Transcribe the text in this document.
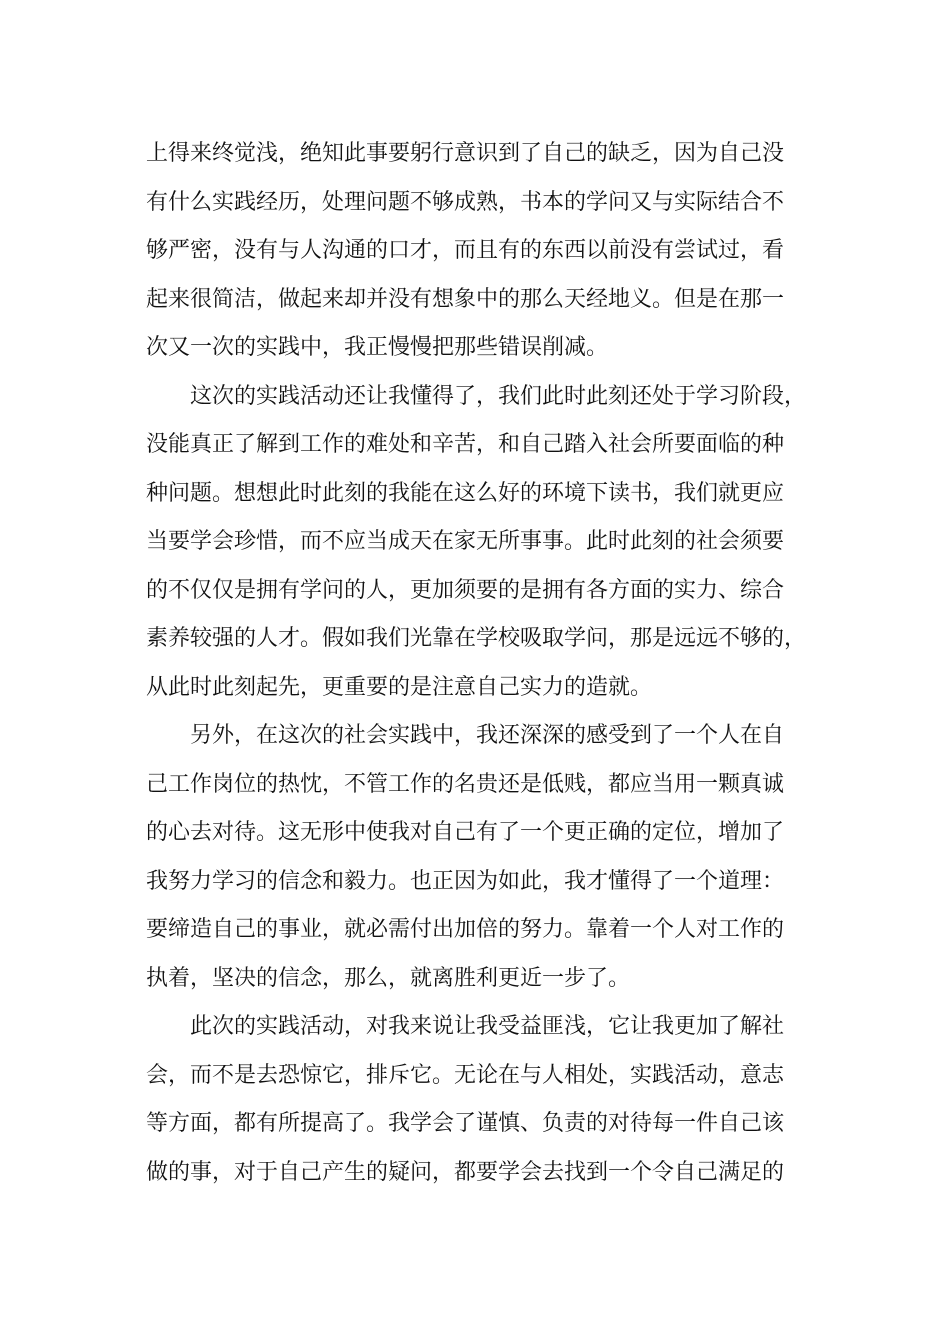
上得来终觉浅，绝知此事要躬行意识到了自己的缺乏，因为自己没
有什么实践经历，处理问题不够成熟，书本的学问又与实际结合不
够严密，没有与人沟通的口才，而且有的东西以前没有尝试过，看
起来很简洁，做起来却并没有想象中的那么天经地义。但是在那一
次又一次的实践中，我正慢慢把那些错误削减。
这次的实践活动还让我懂得了，我们此时此刻还处于学习阶段，
没能真正了解到工作的难处和辛苦，和自己踏入社会所要面临的种
种问题。想想此时此刻的我能在这么好的环境下读书，我们就更应
当要学会珍惜，而不应当成天在家无所事事。此时此刻的社会须要
的不仅仅是拥有学问的人，更加须要的是拥有各方面的实力、综合
素养较强的人才。假如我们光靠在学校吸取学问，那是远远不够的，
从此时此刻起先，更重要的是注意自己实力的造就。
另外，在这次的社会实践中，我还深深的感受到了一个人在自
己工作岗位的热忱，不管工作的名贵还是低贱，都应当用一颗真诚
的心去对待。这无形中使我对自己有了一个更正确的定位，增加了
我努力学习的信念和毅力。也正因为如此，我才懂得了一个道理：
要缔造自己的事业，就必需付出加倍的努力。靠着一个人对工作的
执着，坚决的信念，那么，就离胜利更近一步了。
此次的实践活动，对我来说让我受益匪浅，它让我更加了解社
会，而不是去恐惊它，排斥它。无论在与人相处，实践活动，意志
等方面，都有所提高了。我学会了谨慎、负责的对待每一件自己该
做的事，对于自己产生的疑问，都要学会去找到一个令自己满足的
